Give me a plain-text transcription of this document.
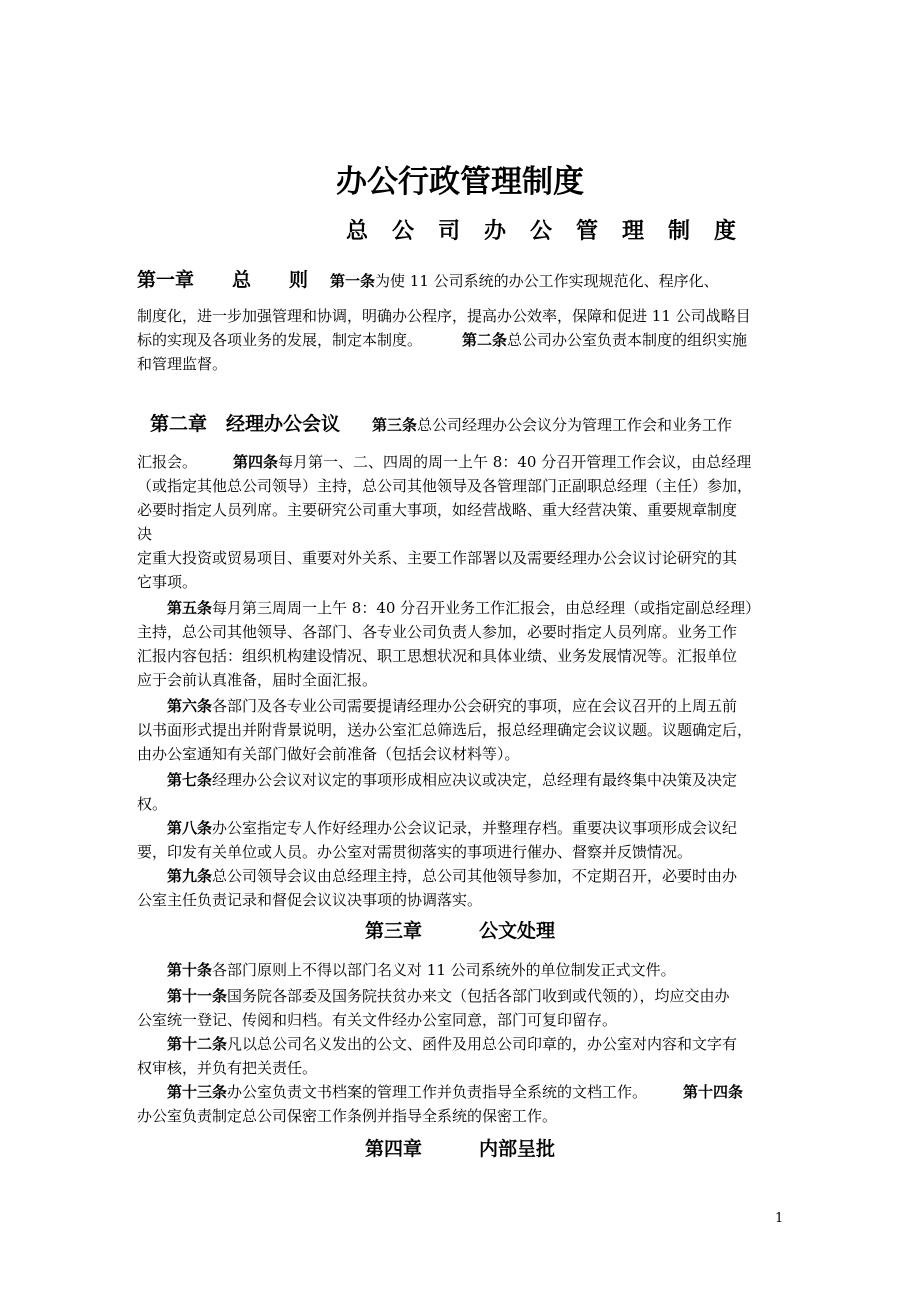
办公行政管理制度
总公司办公管理制度
第一章　　总　　则 第一条为使 11 公司系统的办公工作实现规范化、程序化、
制度化，进一步加强管理和协调，明确办公程序，提高办公效率，保障和促进 11 公司战略目
标的实现及各项业务的发展，制定本制度。	第二条总公司办公室负责本制度的组织实施
和管理监督。
第二章　经理办公会议 第三条总公司经理办公会议分为管理工作会和业务工作
汇报会。 第四条每月第一、二、四周的周一上午 8：40 分召开管理工作会议，由总经理
（或指定其他总公司领导）主持，总公司其他领导及各管理部门正副职总经理（主任）参加，
必要时指定人员列席。主要研究公司重大事项，如经营战略、重大经营决策、重要规章制度
决
定重大投资或贸易项目、重要对外关系、主要工作部署以及需要经理办公会议讨论研究的其
它事项。
第五条每月第三周周一上午 8：40 分召开业务工作汇报会，由总经理（或指定副总经理）
主持，总公司其他领导、各部门、各专业公司负责人参加，必要时指定人员列席。业务工作
汇报内容包括：组织机构建设情况、职工思想状况和具体业绩、业务发展情况等。汇报单位
应于会前认真准备，届时全面汇报。
第六条各部门及各专业公司需要提请经理办公会研究的事项，应在会议召开的上周五前
以书面形式提出并附背景说明，送办公室汇总筛选后，报总经理确定会议议题。议题确定后，
由办公室通知有关部门做好会前准备（包括会议材料等）。
第七条经理办公会议对议定的事项形成相应决议或决定，总经理有最终集中决策及决定
权。
第八条办公室指定专人作好经理办公会议记录，并整理存档。重要决议事项形成会议纪
要，印发有关单位或人员。办公室对需贯彻落实的事项进行催办、督察并反馈情况。
第九条总公司领导会议由总经理主持，总公司其他领导参加，不定期召开，必要时由办
公室主任负责记录和督促会议议决事项的协调落实。
第三章　　　公文处理
第十条各部门原则上不得以部门名义对 11 公司系统外的单位制发正式文件。
第十一条国务院各部委及国务院扶贫办来文（包括各部门收到或代领的），均应交由办
公室统一登记、传阅和归档。有关文件经办公室同意，部门可复印留存。
第十二条凡以总公司名义发出的公文、函件及用总公司印章的，办公室对内容和文字有
权审核，并负有把关责任。
第十三条办公室负责文书档案的管理工作并负责指导全系统的文档工作。 第十四条
办公室负责制定总公司保密工作条例并指导全系统的保密工作。
第四章　　　内部呈批
1
